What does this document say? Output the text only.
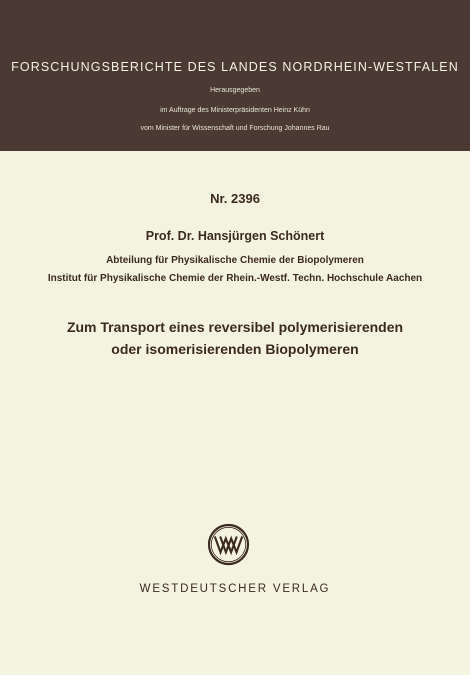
FORSCHUNGSBERICHTE DES LANDES NORDRHEIN-WESTFALEN
Herausgegeben
im Auftrage des Ministerpräsidenten Heinz Kühn
vom Minister für Wissenschaft und Forschung Johannes Rau
Nr. 2396
Prof. Dr. Hansjürgen Schönert
Abteilung für Physikalische Chemie der Biopolymeren
Institut für Physikalische Chemie der Rhein.-Westf. Techn. Hochschule Aachen
Zum Transport eines reversibel polymerisierenden
oder isomerisierenden Biopolymeren
WESTDEUTSCHER VERLAG
